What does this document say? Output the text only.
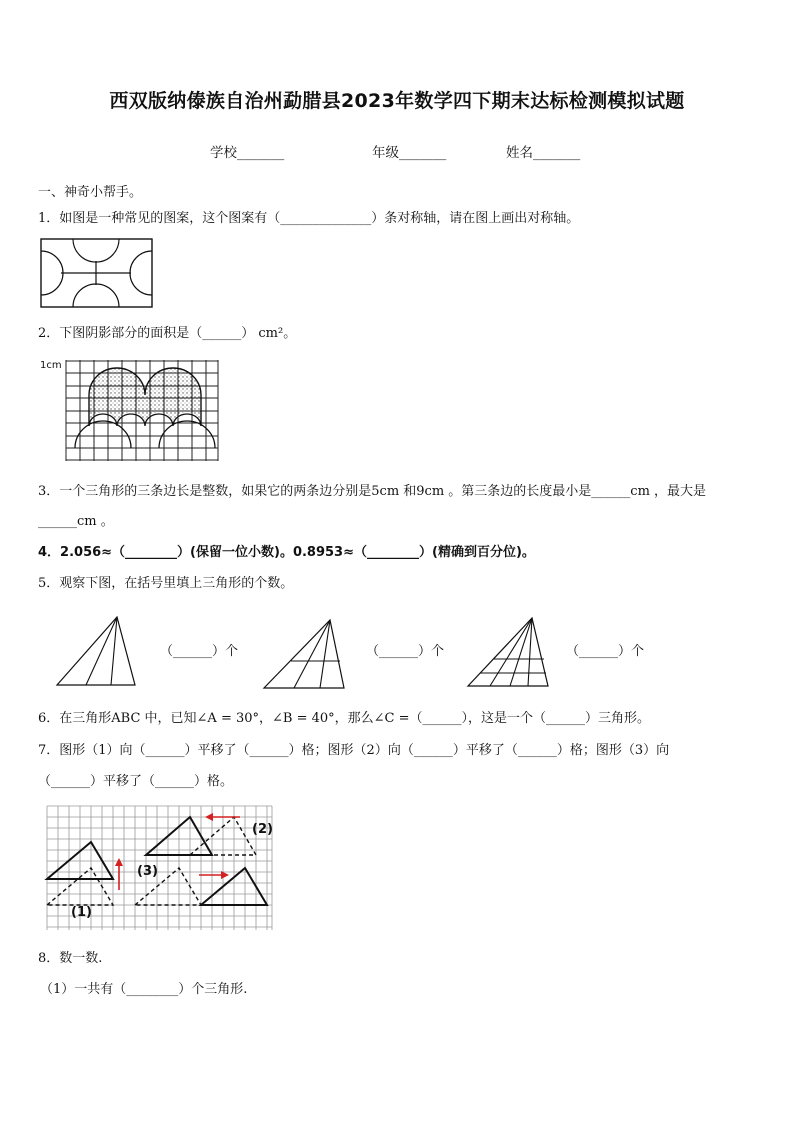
西双版纳傣族自治州勐腊县2023年数学四下期末达标检测模拟试题
学校_______	年级_______	姓名_______
一、神奇小帮手。
1．如图是一种常见的图案，这个图案有（______________）条对称轴，请在图上画出对称轴。
2．下图阴影部分的面积是（______） cm²。
1cm
3．一个三角形的三条边长是整数，如果它的两条边分别是5cm 和9cm 。第三条边的长度最小是______cm ，最大是
______cm 。
4．2.056≈（________）(保留一位小数)。0.8953≈（________）(精确到百分位)。
5．观察下图，在括号里填上三角形的个数。
（______）个	（______）个	（______）个
6．在三角形ABC 中，已知∠A = 30°，∠B = 40°，那么∠C =（______），这是一个（______）三角形。
7．图形（1）向（______）平移了（______）格；图形（2）向（______）平移了（______）格；图形（3）向
（______）平移了（______）格。
(1)
(2)
(3)
8．数一数.
（1）一共有（________）个三角形.
